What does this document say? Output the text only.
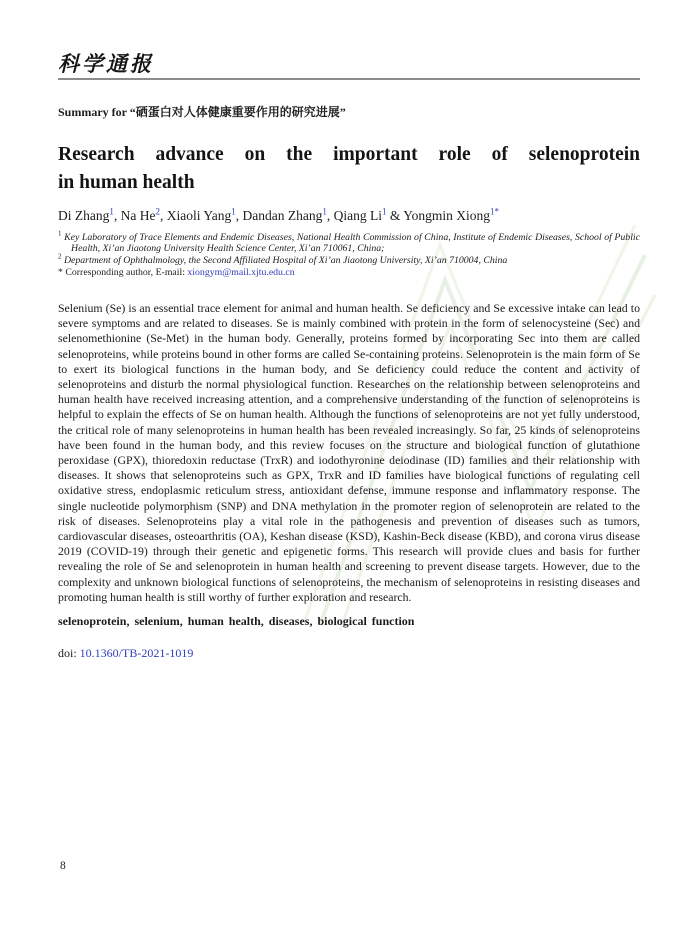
科学通报
Summary for “硒蛋白对人体健康重要作用的研究进展”
Research advance on the important role of selenoprotein
in human health
Di Zhang$^1$, Na He$^2$, Xiaoli Yang$^1$, Dandan Zhang$^1$, Qiang Li$^1$ & Yongmin Xiong$^{1*}$

$^1$ Key Laboratory of Trace Elements and Endemic Diseases, National Health Commission of China, Institute of Endemic Diseases, School of Public Health, Xi’an Jiaotong University Health Science Center, Xi’an 710061, China;

$^2$ Department of Ophthalmology, the Second Affiliated Hospital of Xi’an Jiaotong University, Xi’an 710004, China

* Corresponding author, E-mail: xiongym@mail.xjtu.edu.cn

Selenium (Se) is an essential trace element for animal and human health. Se deficiency and Se excessive intake can lead to severe symptoms and are related to diseases. Se is mainly combined with protein in the form of selenocysteine (Sec) and selenomethionine (Se-Met) in the human body. Generally, proteins formed by incorporating Sec into them are called selenoproteins, while proteins bound in other forms are called Se-containing proteins. Selenoprotein is the main form of Se to exert its biological functions in the human body, and Se deficiency could reduce the content and activity of selenoproteins and disturb the normal physiological function. Researches on the relationship between selenoproteins and human health have received increasing attention, and a comprehensive understanding of the function of selenoproteins is helpful to explain the effects of Se on human health. Although the functions of selenoproteins are not yet fully understood, the critical role of many selenoproteins in human health has been revealed increasingly. So far, 25 kinds of selenoproteins have been found in the human body, and this review focuses on the structure and biological function of glutathione peroxidase (GPX), thioredoxin reductase (TrxR) and iodothyronine deiodinase (ID) families and their relationship with diseases. It shows that selenoproteins such as GPX, TrxR and ID families have biological functions of regulating cell oxidative stress, endoplasmic reticulum stress, antioxidant defense, immune response and inflammatory response. The single nucleotide polymorphism (SNP) and DNA methylation in the promoter region of selenoprotein are related to the risk of diseases. Selenoproteins play a vital role in the pathogenesis and prevention of diseases such as tumors, cardiovascular diseases, osteoarthritis (OA), Keshan disease (KSD), Kashin-Beck disease (KBD), and corona virus disease 2019 (COVID-19) through their genetic and epigenetic forms. This research will provide clues and basis for further revealing the role of Se and selenoprotein in human health and screening to prevent disease targets. However, due to the complexity and unknown biological functions of selenoproteins, the mechanism of selenoproteins in resisting diseases and promoting human health is still worthy of further exploration and research.
selenoprotein, selenium, human health, diseases, biological function
doi: 10.1360/TB-2021-1019
8
